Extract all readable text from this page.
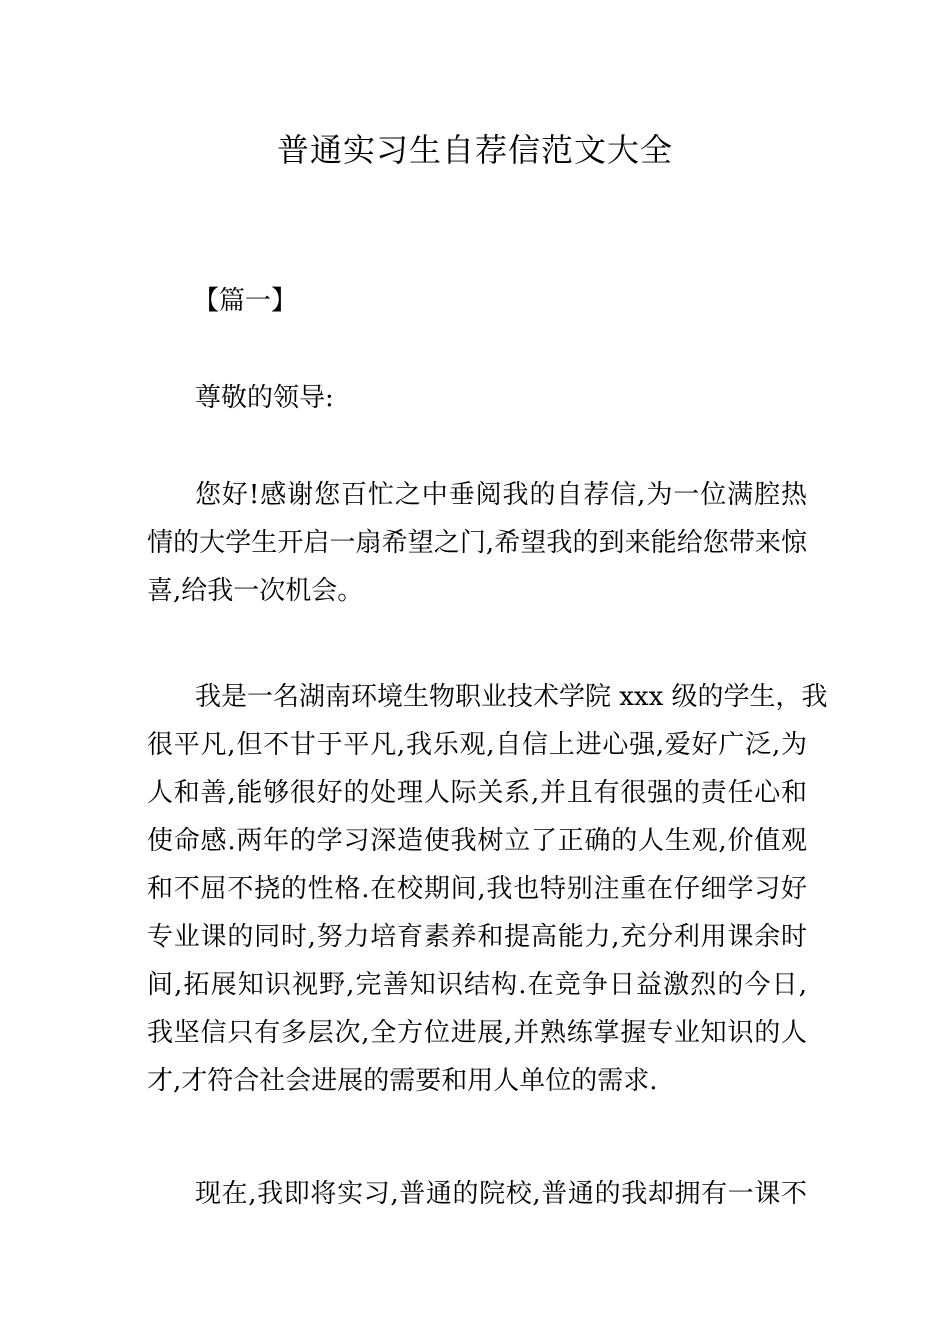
普通实习生自荐信范文大全

【篇一】

尊敬的领导:

您好!感谢您百忙之中垂阅我的自荐信,为一位满腔热
情的大学生开启一扇希望之门,希望我的到来能给您带来惊
喜,给我一次机会。
我是一名湖南环境生物职业技术学院 xxx 级的学生，我
很平凡,但不甘于平凡,我乐观,自信上进心强,爱好广泛,为
人和善,能够很好的处理人际关系,并且有很强的责任心和
使命感.两年的学习深造使我树立了正确的人生观,价值观
和不屈不挠的性格.在校期间,我也特别注重在仔细学习好
专业课的同时,努力培育素养和提高能力,充分利用课余时
间,拓展知识视野,完善知识结构.在竞争日益激烈的今日,
我坚信只有多层次,全方位进展,并熟练掌握专业知识的人
才,才符合社会进展的需要和用人单位的需求.
现在,我即将实习,普通的院校,普通的我却拥有一课不
